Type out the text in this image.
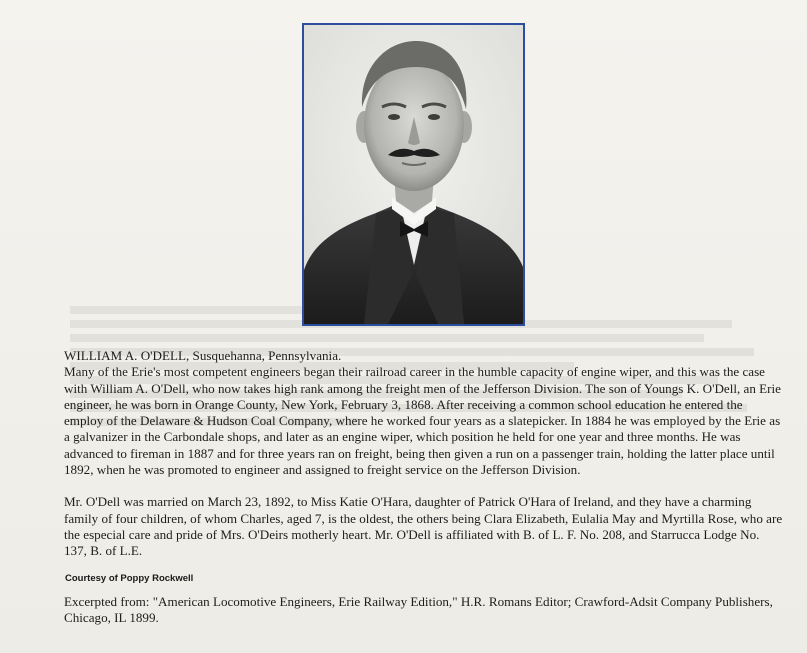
WILLIAM A. O'DELL, Susquehanna, Pennsylvania.

Many of the Erie's most competent engineers began their railroad career in the humble capacity of engine wiper, and this was the case with William A. O'Dell, who now takes high rank among the freight men of the Jefferson Division. The son of Youngs K. O'Dell, an Erie engineer, he was born in Orange County, New York, February 3, 1868. After receiving a common school education he entered the employ of the Delaware & Hudson Coal Company, where he worked four years as a slatepicker. In 1884 he was employed by the Erie as a galvanizer in the Carbondale shops, and later as an engine wiper, which position he held for one year and three months. He was advanced to fireman in 1887 and for three years ran on freight, being then given a run on a passenger train, holding the latter place until 1892, when he was promoted to engineer and assigned to freight service on the Jefferson Division.

Mr. O'Dell was married on March 23, 1892, to Miss Katie O'Hara, daughter of Patrick O'Hara of Ireland, and they have a charming family of four children, of whom Charles, aged 7, is the oldest, the others being Clara Elizabeth, Eulalia May and Myrtilla Rose, who are the especial care and pride of Mrs. O'Deirs motherly heart. Mr. O'Dell is affiliated with B. of L. F. No. 208, and Starrucca Lodge No. 137, B. of L.E.

Courtesy of Poppy Rockwell
Excerpted from: "American Locomotive Engineers, Erie Railway Edition," H.R. Romans Editor; Crawford-Adsit Company Publishers, Chicago, IL 1899.
